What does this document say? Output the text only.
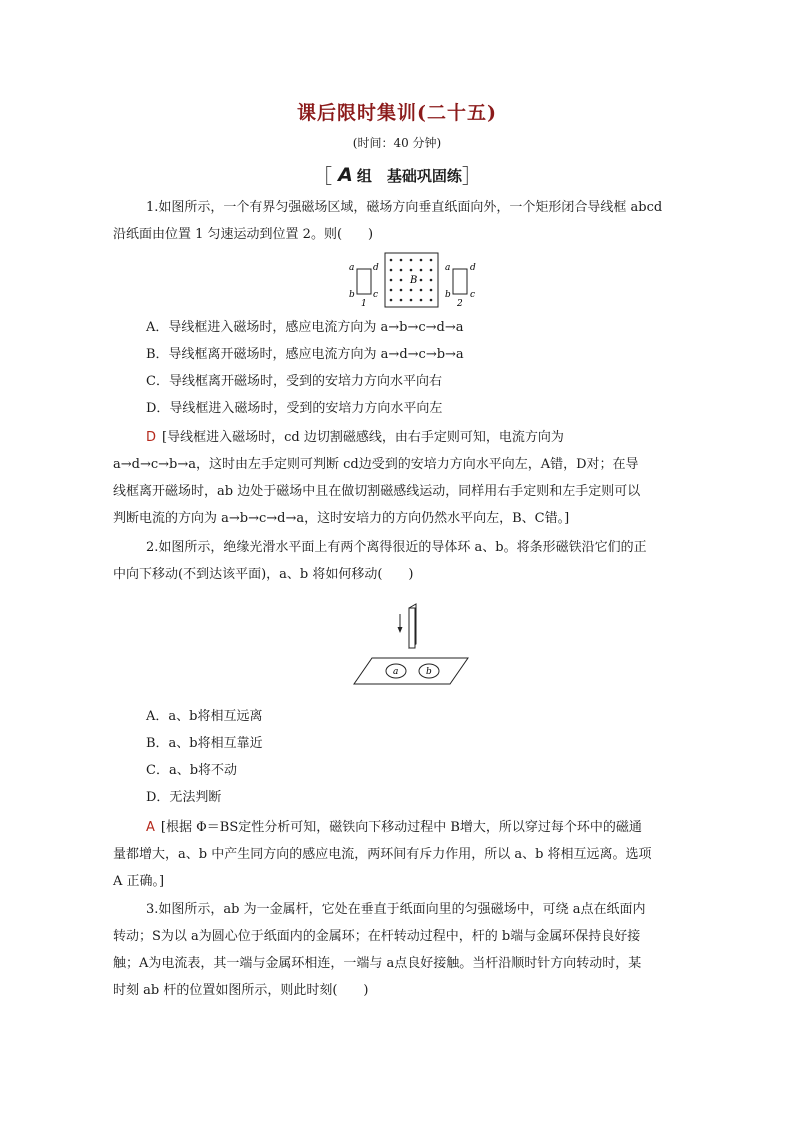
课后限时集训(二十五)
(时间：40 分钟)
［ A 组　基础巩固练］
1.如图所示，一个有界匀强磁场区域，磁场方向垂直纸面向外，一个矩形闭合导线框 abcd
沿纸面由位置 1 匀速运动到位置 2。则(　　)
a d
b c
1
B
a d
b c
2
A．导线框进入磁场时，感应电流方向为 a→b→c→d→a
B．导线框离开磁场时，感应电流方向为 a→d→c→b→a
C．导线框离开磁场时，受到的安培力方向水平向右
D．导线框进入磁场时，受到的安培力方向水平向左
D [导线框进入磁场时，cd 边切割磁感线，由右手定则可知，电流方向为
a→d→c→b→a，这时由左手定则可判断 cd边受到的安培力方向水平向左，A错，D对；在导
线框离开磁场时，ab 边处于磁场中且在做切割磁感线运动，同样用右手定则和左手定则可以
判断电流的方向为 a→b→c→d→a，这时安培力的方向仍然水平向左，B、C错。]
2.如图所示，绝缘光滑水平面上有两个离得很近的导体环 a、b。将条形磁铁沿它们的正
中向下移动(不到达该平面)，a、b 将如何移动(　　)
a	b
A．a、b将相互远离
B．a、b将相互靠近
C．a、b将不动
D．无法判断
A [根据 Φ＝BS定性分析可知，磁铁向下移动过程中 B增大，所以穿过每个环中的磁通
量都增大，a、b 中产生同方向的感应电流，两环间有斥力作用，所以 a、b 将相互远离。选项
A 正确。]
3.如图所示，ab 为一金属杆，它处在垂直于纸面向里的匀强磁场中，可绕 a点在纸面内
转动；S为以 a为圆心位于纸面内的金属环；在杆转动过程中，杆的 b端与金属环保持良好接
触；A为电流表，其一端与金属环相连，一端与 a点良好接触。当杆沿顺时针方向转动时，某
时刻 ab 杆的位置如图所示，则此时刻(　　)
